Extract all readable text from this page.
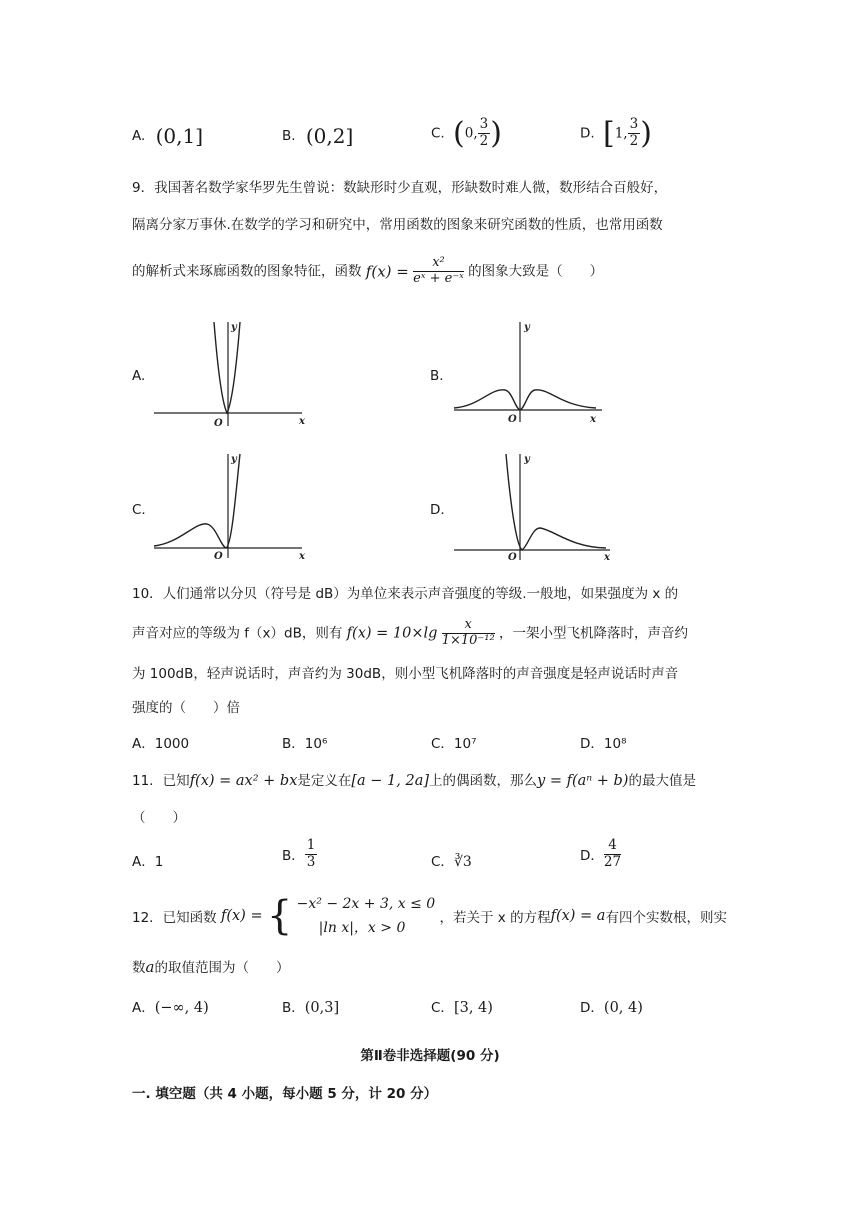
A. (0,1]	B. (0,2]	C. (0, $\frac{3}{2}$ )	D. [1, $\frac{3}{2}$ )
9．我国著名数学家华罗先生曾说：数缺形时少直观，形缺数时难人微，数形结合百般好，
隔离分家万事休.在数学的学习和研究中，常用函数的图象来研究函数的性质，也常用函数
的解析式来琢廊函数的图象特征，函数 $f(x) = \frac{\text{x²}}{\text{eˣ + e⁻ˣ}}$ 的图象大致是（　　）
A.
y
x
O
B.
y
x
O
C.
y
x
O
D.
y
x
O
10．人们通常以分贝（符号是 dB）为单位来表示声音强度的等级.一般地，如果强度为 x 的
声音对应的等级为 f（x）dB，则有 $f(x) = 10\times\lg \frac{x}{\text{1×10⁻¹²}}$ ，一架小型飞机降落时，声音约
为 100dB，轻声说话时，声音约为 30dB，则小型飞机降落时的声音强度是轻声说话时声音
强度的（　　）倍
A．1000	B．10⁶	C．10⁷	D．10⁸
11．已知f(x) = ax² + bx是定义在[a − 1, 2a]上的偶函数，那么y = f(aⁿ + b)的最大值是
（　　）
A．1	B． $\frac{1}{3}$	C．∛3	D． $\frac{4}{27}$
12．已知函数 f(x) = { −x² − 2x + 3, x ≤ 0
|ln x|，x > 0
，若关于 x 的方程f(x) = a有四个实数根，则实
数a的取值范围为（　　）
A．(−∞, 4)	B．(0,3]	C．[3, 4)	D．(0, 4)
第Ⅱ卷非选择题(90 分)
一. 填空题（共 4 小题，每小题 5 分，计 20 分）
